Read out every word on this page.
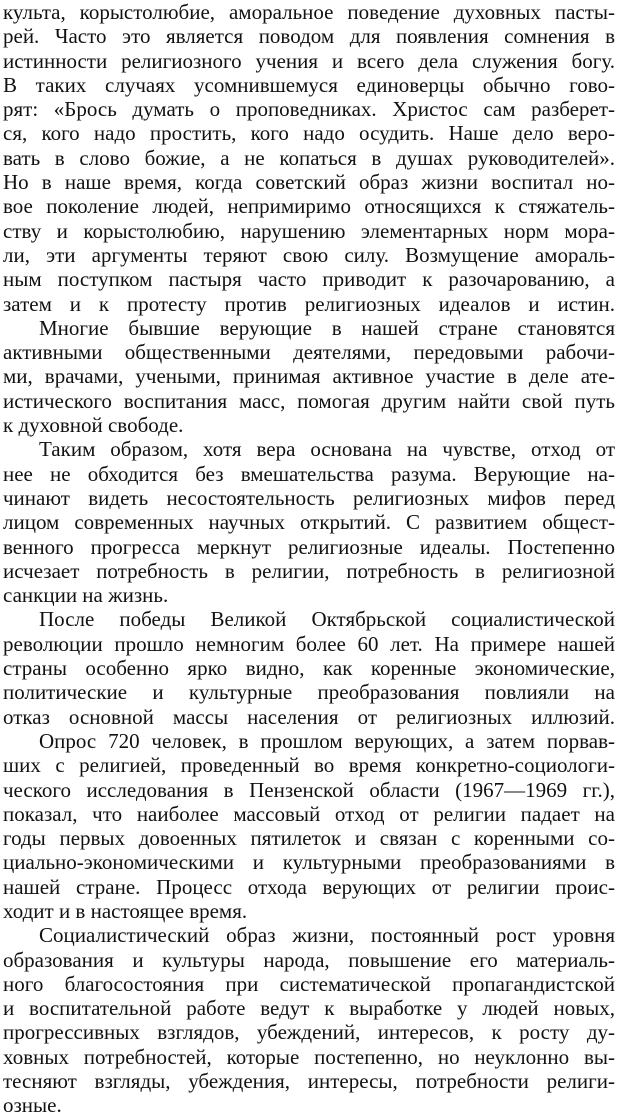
культа, корыстолюбие, аморальное поведение духовных пасты-
рей. Часто это является поводом для появления сомнения в
истинности религиозного учения и всего дела служения богу.
В таких случаях усомнившемуся единоверцы обычно гово-
рят: «Брось думать о проповедниках. Христос сам разберет-
ся, кого надо простить, кого надо осудить. Наше дело веро-
вать в слово божие, а не копаться в душах руководителей».
Но в наше время, когда советский образ жизни воспитал но-
вое поколение людей, непримиримо относящихся к стяжатель-
ству и корыстолюбию, нарушению элементарных норм мора-
ли, эти аргументы теряют свою силу. Возмущение амораль-
ным поступком пастыря часто приводит к разочарованию, а
затем и к протесту против религиозных идеалов и истин.
Многие бывшие верующие в нашей стране становятся
активными общественными деятелями, передовыми рабочи-
ми, врачами, учеными, принимая активное участие в деле ате-
истического воспитания масс, помогая другим найти свой путь
к духовной свободе.
Таким образом, хотя вера основана на чувстве, отход от
нее не обходится без вмешательства разума. Верующие на-
чинают видеть несостоятельность религиозных мифов перед
лицом современных научных открытий. С развитием общест-
венного прогресса меркнут религиозные идеалы. Постепенно
исчезает потребность в религии, потребность в религиозной
санкции на жизнь.
После победы Великой Октябрьской социалистической
революции прошло немногим более 60 лет. На примере нашей
страны особенно ярко видно, как коренные экономические,
политические и культурные преобразования повлияли на
отказ основной массы населения от религиозных иллюзий.
Опрос 720 человек, в прошлом верующих, а затем порвав-
ших с религией, проведенный во время конкретно-социологи-
ческого исследования в Пензенской области (1967—1969 гг.),
показал, что наиболее массовый отход от религии падает на
годы первых довоенных пятилеток и связан с коренными со-
циально-экономическими и культурными преобразованиями в
нашей стране. Процесс отхода верующих от религии проис-
ходит и в настоящее время.
Социалистический образ жизни, постоянный рост уровня
образования и культуры народа, повышение его материаль-
ного благосостояния при систематической пропагандистской
и воспитательной работе ведут к выработке у людей новых,
прогрессивных взглядов, убеждений, интересов, к росту ду-
ховных потребностей, которые постепенно, но неуклонно вы-
тесняют взгляды, убеждения, интересы, потребности религи-
озные.
